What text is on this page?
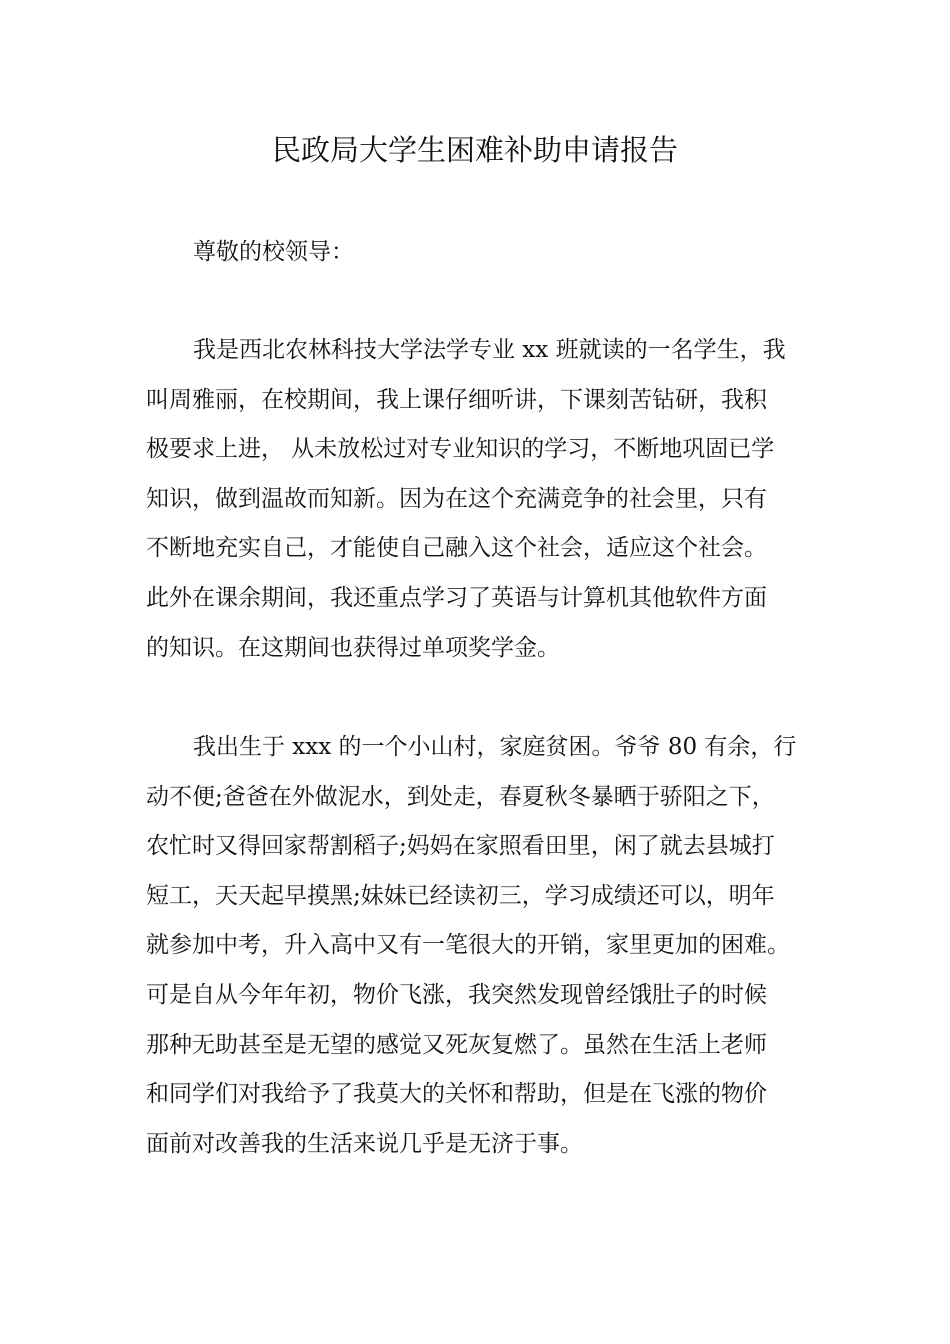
民政局大学生困难补助申请报告
尊敬的校领导：
我是西北农林科技大学法学专业 xx 班就读的一名学生，我
叫周雅丽，在校期间，我上课仔细听讲，下课刻苦钻研，我积
极要求上进， 从未放松过对专业知识的学习，不断地巩固已学
知识，做到温故而知新。因为在这个充满竞争的社会里，只有
不断地充实自己，才能使自己融入这个社会，适应这个社会。
此外在课余期间，我还重点学习了英语与计算机其他软件方面
的知识。在这期间也获得过单项奖学金。
我出生于 xxx 的一个小山村，家庭贫困。爷爷 80 有余，行
动不便;爸爸在外做泥水，到处走，春夏秋冬暴晒于骄阳之下，
农忙时又得回家帮割稻子;妈妈在家照看田里，闲了就去县城打
短工，天天起早摸黑;妹妹已经读初三，学习成绩还可以，明年
就参加中考，升入高中又有一笔很大的开销，家里更加的困难。
可是自从今年年初，物价飞涨，我突然发现曾经饿肚子的时候
那种无助甚至是无望的感觉又死灰复燃了。虽然在生活上老师
和同学们对我给予了我莫大的关怀和帮助，但是在飞涨的物价
面前对改善我的生活来说几乎是无济于事。
